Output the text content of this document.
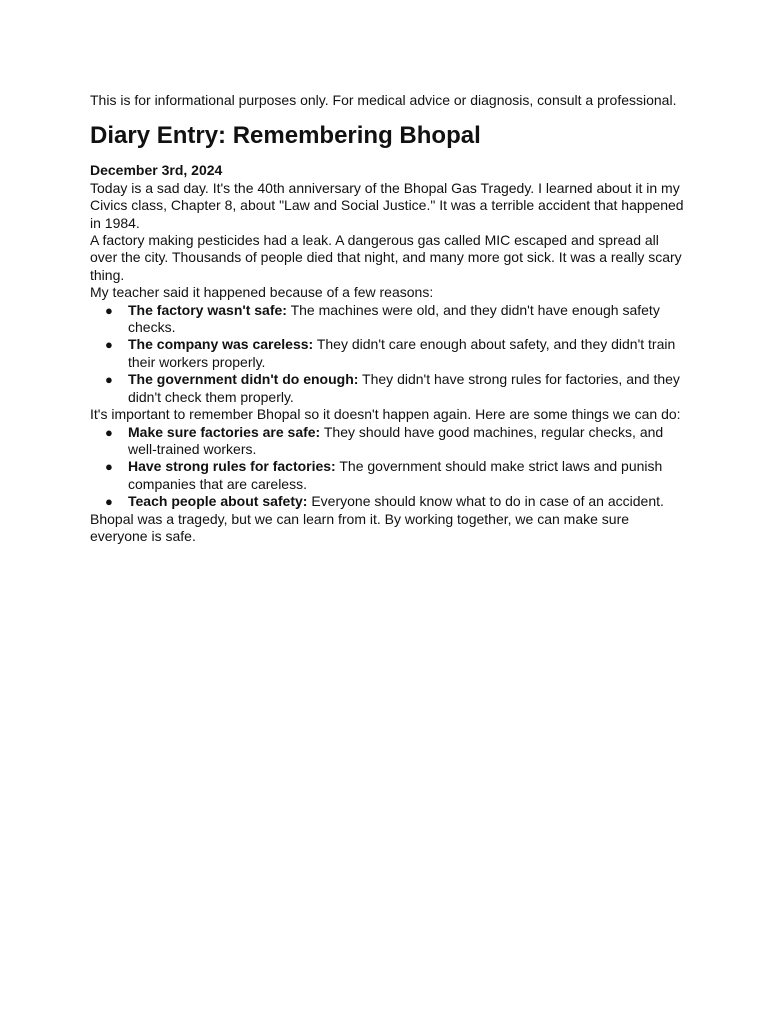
This is for informational purposes only. For medical advice or diagnosis, consult a professional.

Diary Entry: Remembering Bhopal

December 3rd, 2024

Today is a sad day. It's the 40th anniversary of the Bhopal Gas Tragedy. I learned about it in my Civics class, Chapter 8, about "Law and Social Justice." It was a terrible accident that happened in 1984.

A factory making pesticides had a leak. A dangerous gas called MIC escaped and spread all over the city. Thousands of people died that night, and many more got sick. It was a really scary thing.

My teacher said it happened because of a few reasons:

● The factory wasn't safe: The machines were old, and they didn't have enough safety checks.
● The company was careless: They didn't care enough about safety, and they didn't train their workers properly.
● The government didn't do enough: They didn't have strong rules for factories, and they didn't check them properly.

It's important to remember Bhopal so it doesn't happen again. Here are some things we can do:

● Make sure factories are safe: They should have good machines, regular checks, and well-trained workers.
● Have strong rules for factories: The government should make strict laws and punish companies that are careless.
● Teach people about safety: Everyone should know what to do in case of an accident.

Bhopal was a tragedy, but we can learn from it. By working together, we can make sure everyone is safe.
